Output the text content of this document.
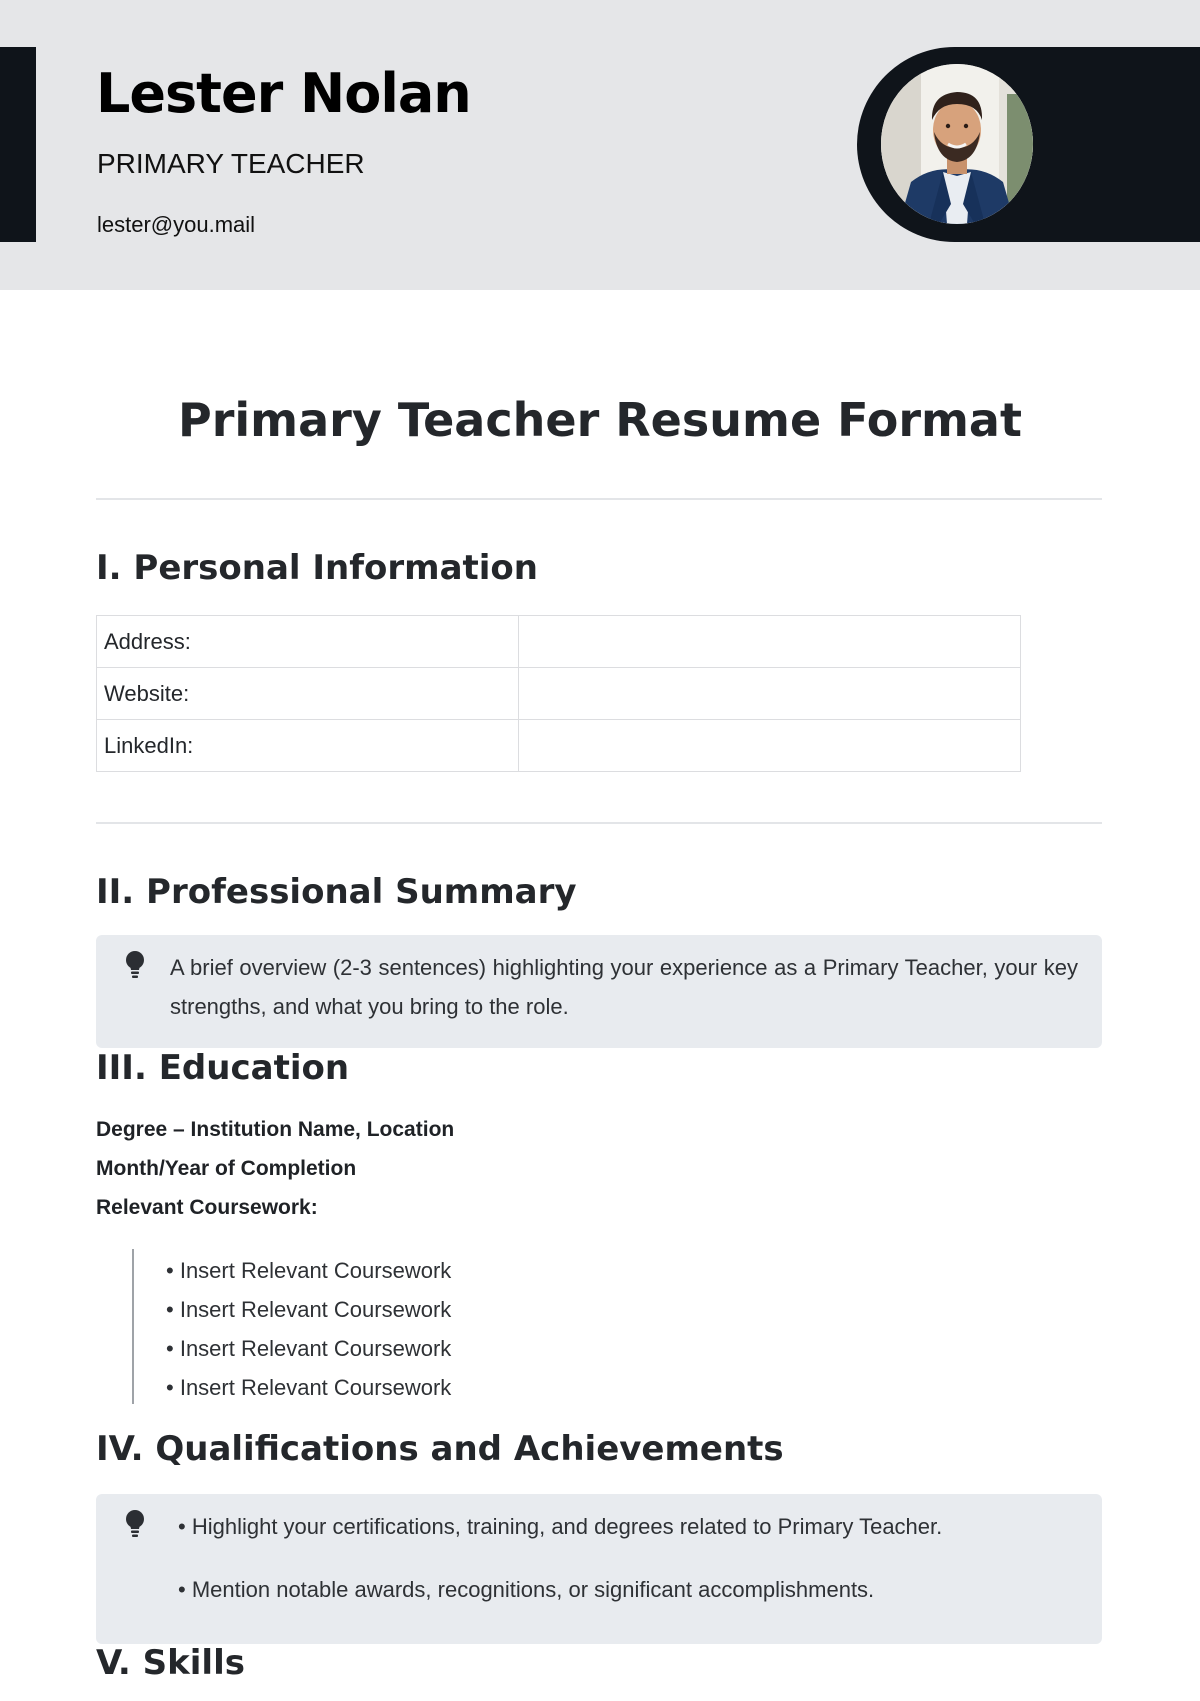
Lester Nolan
PRIMARY TEACHER
lester@you.mail
Primary Teacher Resume Format
I. Personal Information
Address:	
Website:	
LinkedIn:	
II. Professional Summary
A brief overview (2-3 sentences) highlighting your experience as a Primary Teacher, your key strengths, and what you bring to the role.
III. Education
Degree – Institution Name, Location
Month/Year of Completion
Relevant Coursework:
• Insert Relevant Coursework
• Insert Relevant Coursework
• Insert Relevant Coursework
• Insert Relevant Coursework
IV. Qualifications and Achievements
• Highlight your certifications, training, and degrees related to Primary Teacher.
• Mention notable awards, recognitions, or significant accomplishments.
V. Skills
